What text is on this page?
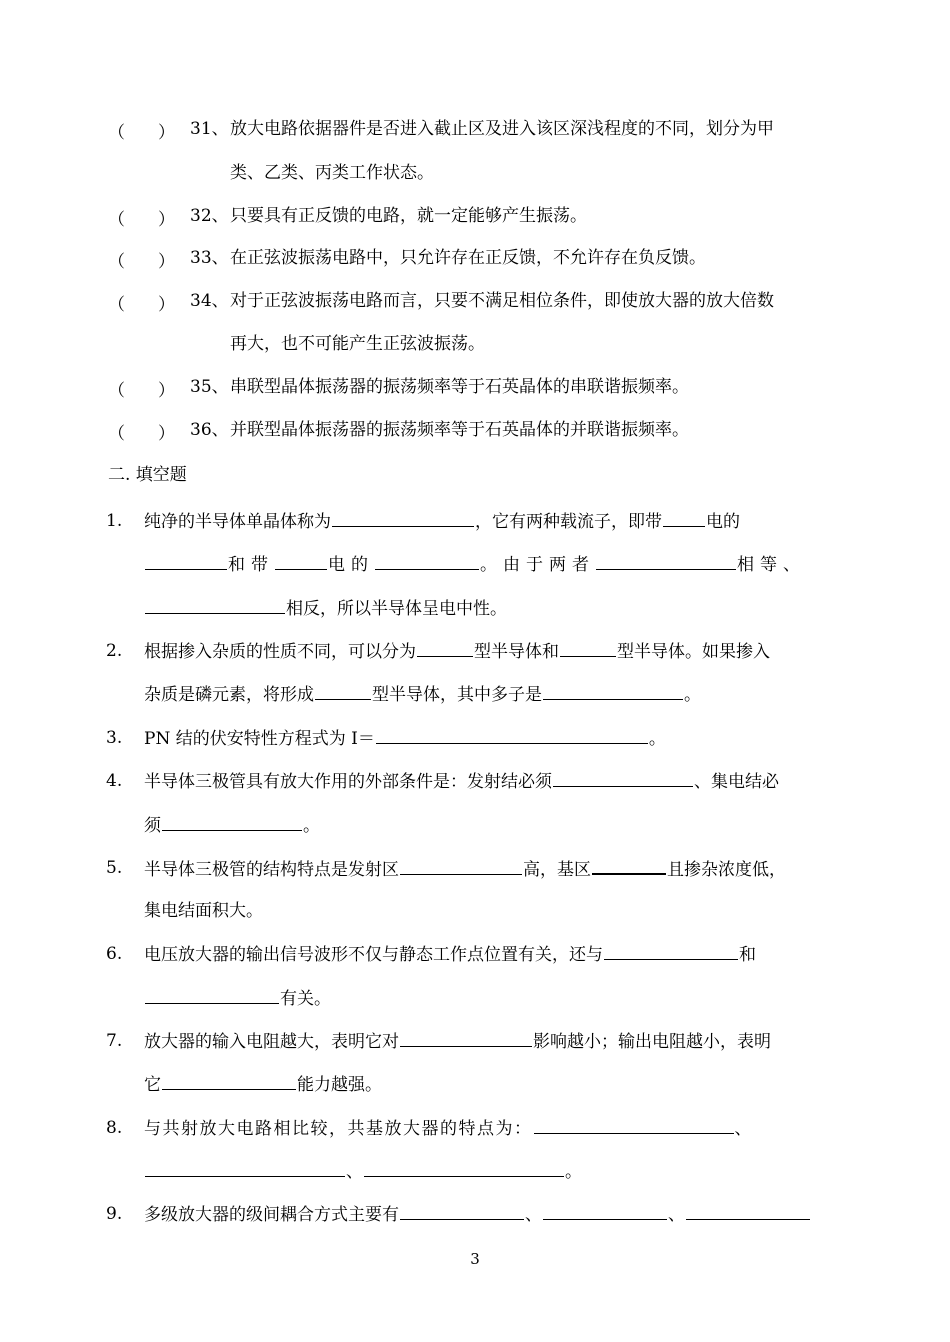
（ ） 31、 放大电路依据器件是否进入截止区及进入该区深浅程度的不同，划分为甲
类、乙类、丙类工作状态。
（ ） 32、 只要具有正反馈的电路，就一定能够产生振荡。
（ ） 33、 在正弦波振荡电路中，只允许存在正反馈，不允许存在负反馈。
（ ） 34、 对于正弦波振荡电路而言，只要不满足相位条件，即使放大器的放大倍数
再大，也不可能产生正弦波振荡。
（ ） 35、 串联型晶体振荡器的振荡频率等于石英晶体的串联谐振频率。
（ ） 36、 并联型晶体振荡器的振荡频率等于石英晶体的并联谐振频率。
二. 填空题
1. 纯净的半导体单晶体称为	，它有两种载流子，即带	电的
和带	电的	。由于两者	相等、
相反，所以半导体呈电中性。
2. 根据掺入杂质的性质不同，可以分为	型半导体和	型半导体。如果掺入
杂质是磷元素，将形成	型半导体，其中多子是	。
3. PN 结的伏安特性方程式为 I＝	。
4. 半导体三极管具有放大作用的外部条件是：发射结必须	、集电结必
须	。
5. 半导体三极管的结构特点是发射区	高，基区	且掺杂浓度低，
集电结面积大。
6. 电压放大器的输出信号波形不仅与静态工作点位置有关，还与	和
有关。
7. 放大器的输入电阻越大，表明它对	影响越小；输出电阻越小，表明
它	能力越强。
8. 与共射放大电路相比较，共基放大器的特点为：	、
、	。
9. 多级放大器的级间耦合方式主要有	、	、
3
